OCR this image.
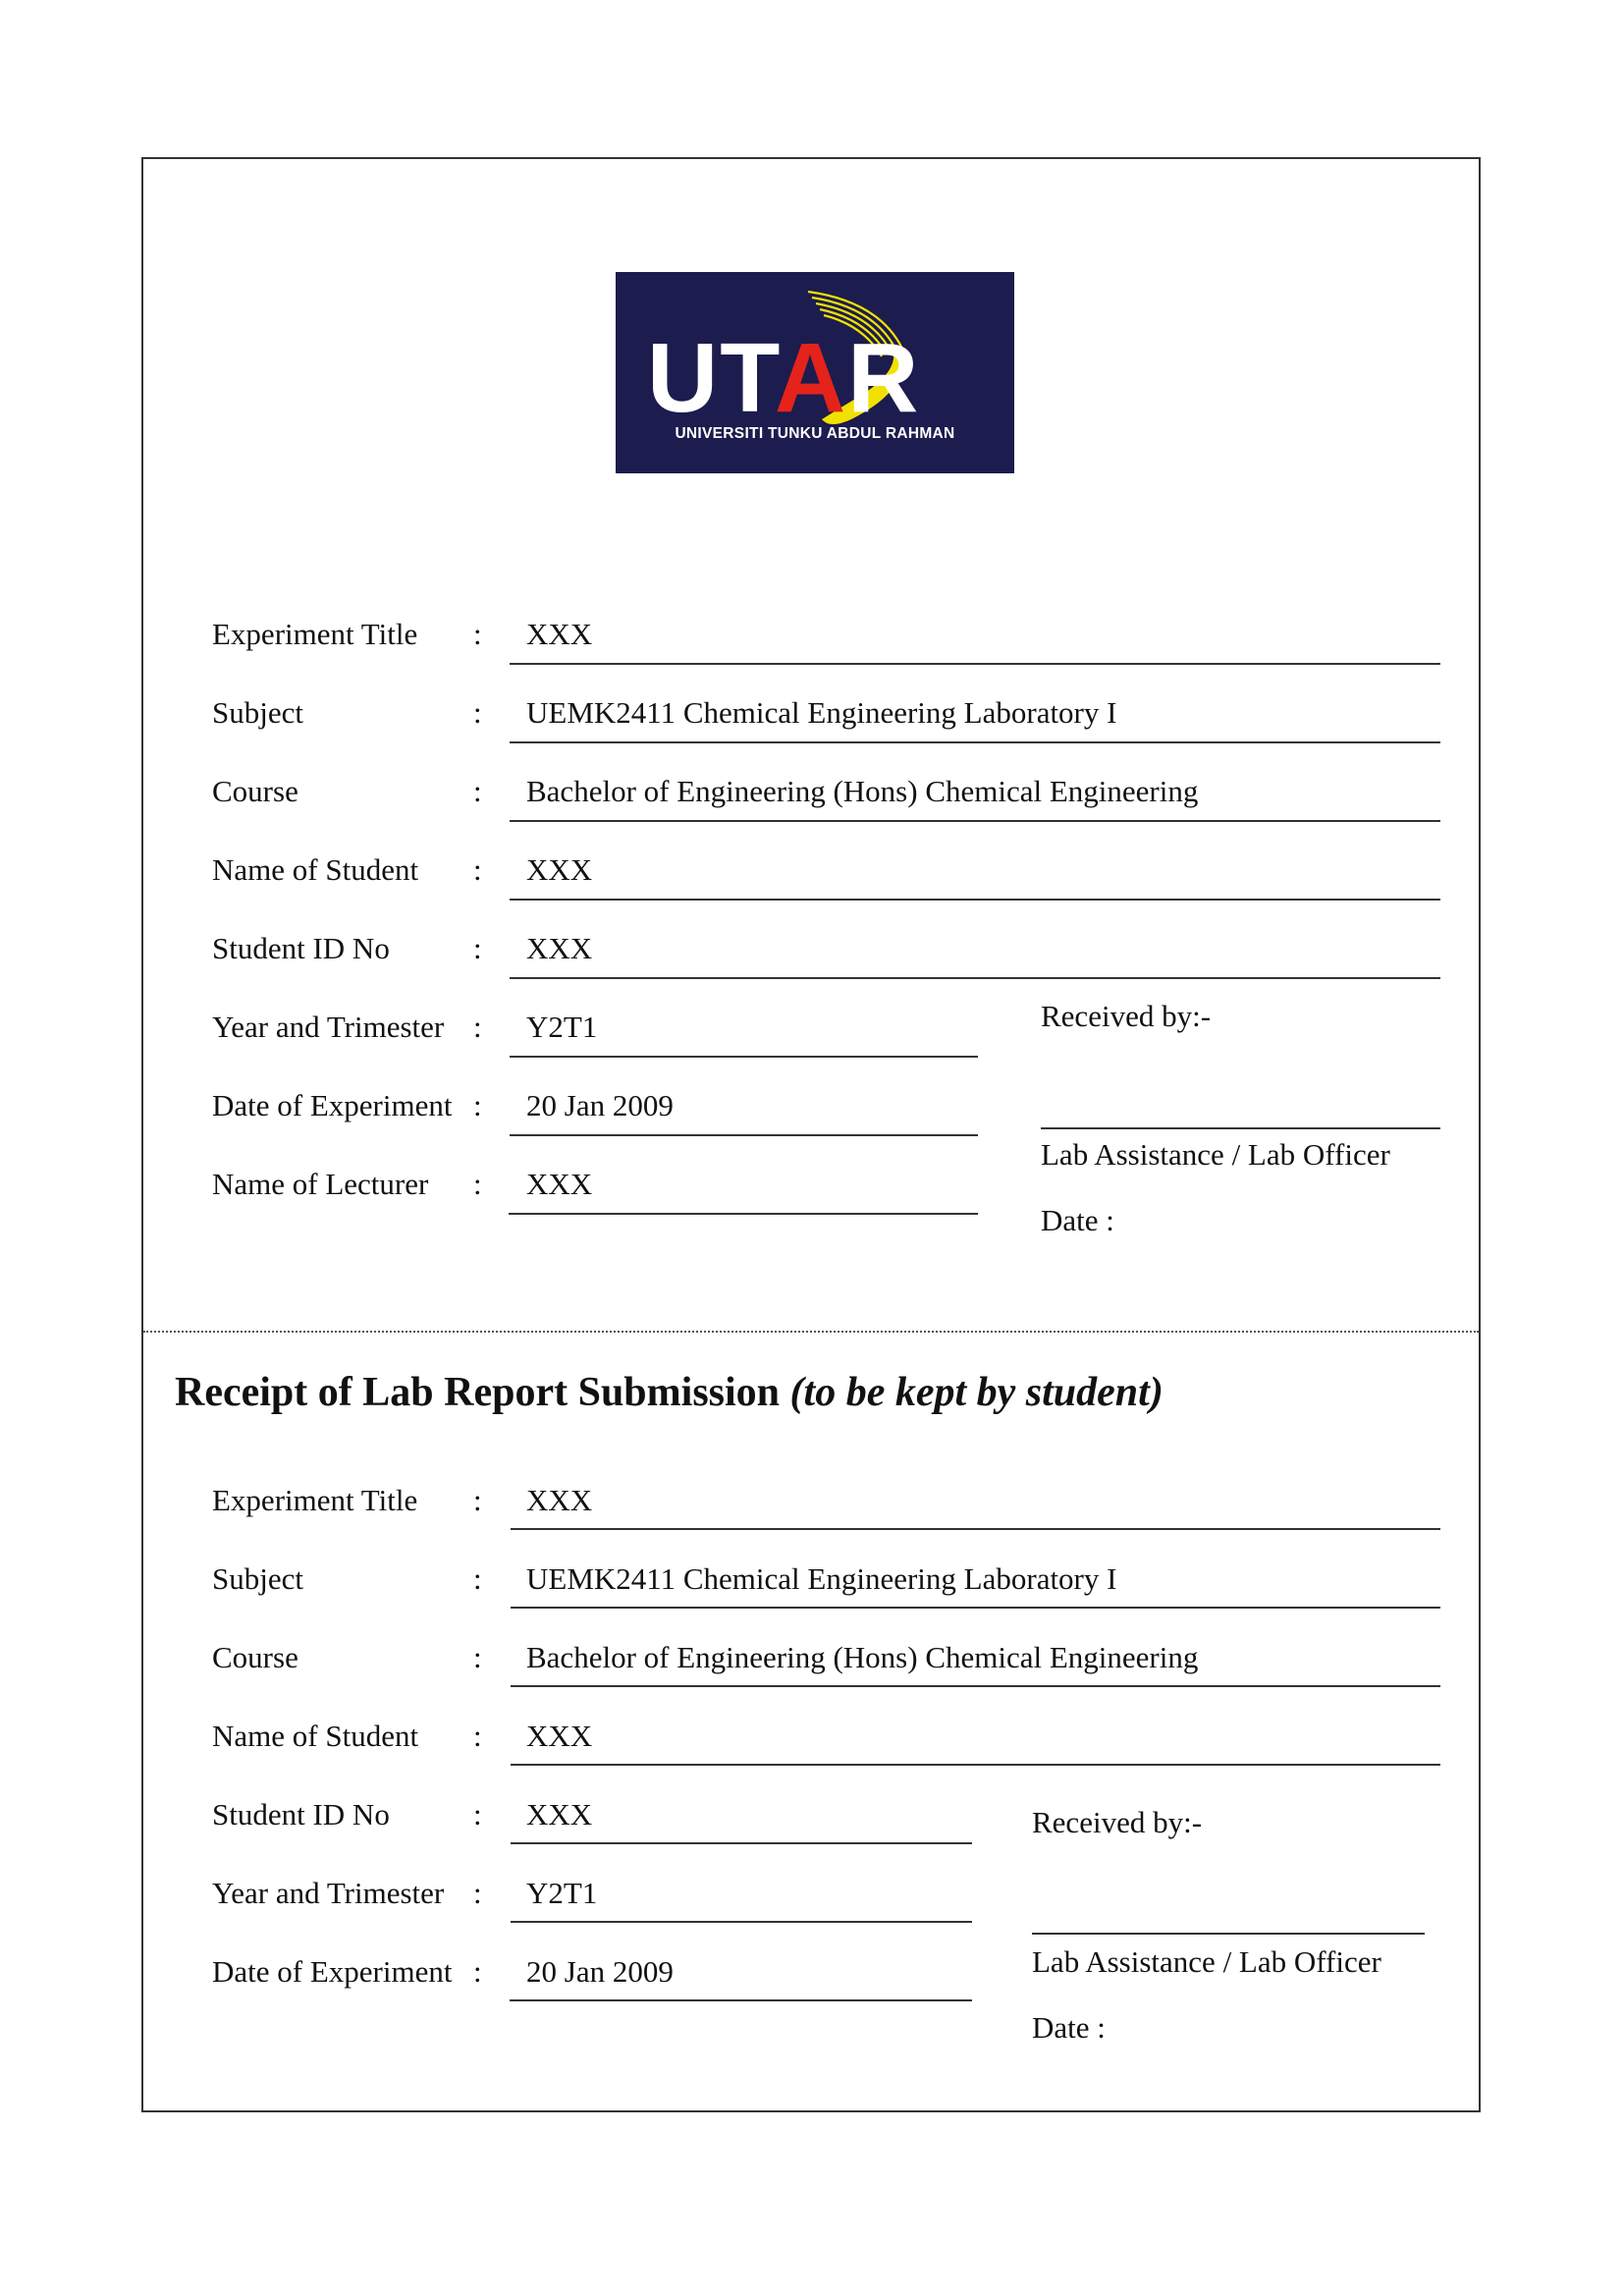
UTAR
UNIVERSITI TUNKU ABDUL RAHMAN
Experiment Title : XXX
Subject	: UEMK2411 Chemical Engineering Laboratory I
Course	: Bachelor of Engineering (Hons) Chemical Engineering
Name of Student : XXX
Student ID No	: XXX
Year and Trimester : Y2T1
Date of Experiment : 20 Jan 2009
Name of Lecturer : XXX
Received by:-
Lab Assistance / Lab Officer
Date :
Receipt of Lab Report Submission (to be kept by student)
Experiment Title : XXX
Subject	: UEMK2411 Chemical Engineering Laboratory I
Course	: Bachelor of Engineering (Hons) Chemical Engineering
Name of Student : XXX
Student ID No	: XXX
Year and Trimester : Y2T1
Date of Experiment : 20 Jan 2009
Received by:-
Lab Assistance / Lab Officer
Date :
